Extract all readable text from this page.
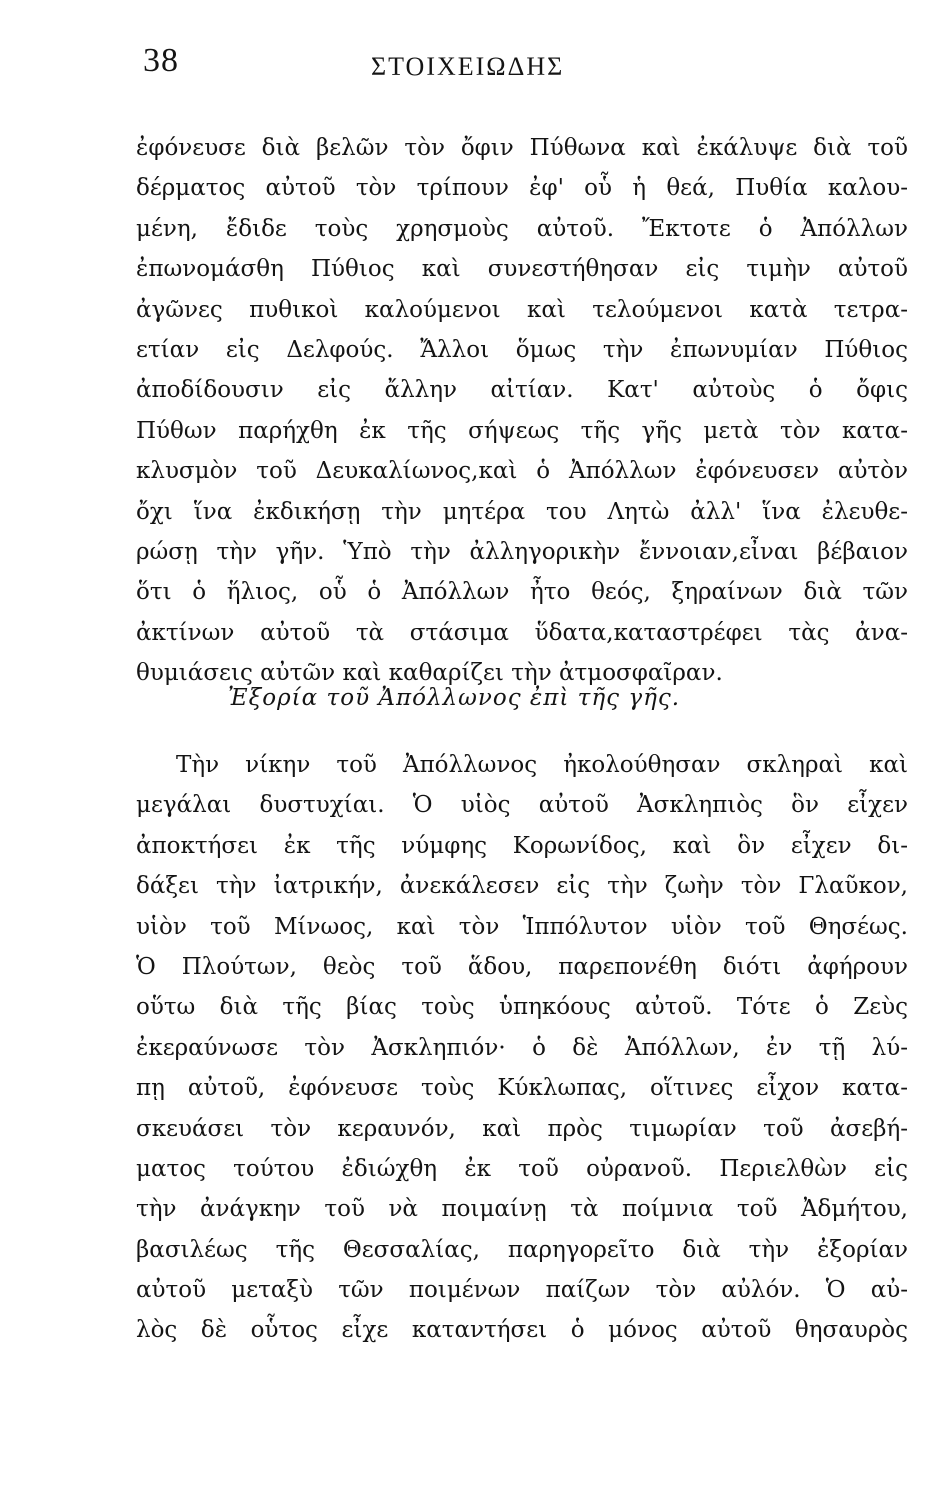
38	ΣΤΟΙΧΕΙΩΔΗΣ
ἐφόνευσε διὰ βελῶν τὸν ὄφιν Πύθωνα καὶ ἐκάλυψε διὰ τοῦ
δέρματος αὐτοῦ τὸν τρίπουν ἐφ' οὗ ἡ θεά, Πυθία καλου-
μένη, ἔδιδε τοὺς χρησμοὺς αὐτοῦ. Ἔκτοτε ὁ Ἀπόλλων
ἐπωνομάσθη Πύθιος καὶ συνεστήθησαν εἰς τιμὴν αὐτοῦ
ἀγῶνες πυθικοὶ καλούμενοι καὶ τελούμενοι κατὰ τετρα-
ετίαν εἰς Δελφούς. Ἄλλοι ὅμως τὴν ἐπωνυμίαν Πύθιος
ἀποδίδουσιν εἰς ἄλλην αἰτίαν. Κατ' αὐτοὺς ὁ ὄφις
Πύθων παρήχθη ἐκ τῆς σήψεως τῆς γῆς μετὰ τὸν κατα-
κλυσμὸν τοῦ Δευκαλίωνος,καὶ ὁ Ἀπόλλων ἐφόνευσεν αὐτὸν
ὄχι ἵνα ἐκδικήσῃ τὴν μητέρα του Λητὼ ἀλλ' ἵνα ἐλευθε-
ρώσῃ τὴν γῆν. Ὑπὸ τὴν ἀλληγορικὴν ἔννοιαν,εἶναι βέβαιον
ὅτι ὁ ἥλιος, οὗ ὁ Ἀπόλλων ἦτο θεός, ξηραίνων διὰ τῶν
ἀκτίνων αὐτοῦ τὰ στάσιμα ὕδατα,καταστρέφει τὰς ἀνα-
θυμιάσεις αὐτῶν καὶ καθαρίζει τὴν ἀτμοσφαῖραν.
Ἐξορία τοῦ Ἀπόλλωνος ἐπὶ τῆς γῆς.
Τὴν νίκην τοῦ Ἀπόλλωνος ἠκολούθησαν σκληραὶ καὶ
μεγάλαι δυστυχίαι. Ὁ υἱὸς αὐτοῦ Ἀσκληπιὸς ὃν εἶχεν
ἀποκτήσει ἐκ τῆς νύμφης Κορωνίδος, καὶ ὃν εἶχεν δι-
δάξει τὴν ἰατρικήν, ἀνεκάλεσεν εἰς τὴν ζωὴν τὸν Γλαῦκον,
υἱὸν τοῦ Μίνωος, καὶ τὸν Ἱππόλυτον υἱὸν τοῦ Θησέως.
Ὁ Πλούτων, θεὸς τοῦ ἅδου, παρεπονέθη διότι ἀφήρουν
οὕτω διὰ τῆς βίας τοὺς ὑπηκόους αὐτοῦ. Τότε ὁ Ζεὺς
ἐκεραύνωσε τὸν Ἀσκληπιόν· ὁ δὲ Ἀπόλλων, ἐν τῇ λύ-
πῃ αὐτοῦ, ἐφόνευσε τοὺς Κύκλωπας, οἵτινες εἶχον κατα-
σκευάσει τὸν κεραυνόν, καὶ πρὸς τιμωρίαν τοῦ ἀσεβή-
ματος τούτου ἐδιώχθη ἐκ τοῦ οὐρανοῦ. Περιελθὼν εἰς
τὴν ἀνάγκην τοῦ νὰ ποιμαίνῃ τὰ ποίμνια τοῦ Ἀδμήτου,
βασιλέως τῆς Θεσσαλίας, παρηγορεῖτο διὰ τὴν ἐξορίαν
αὐτοῦ μεταξὺ τῶν ποιμένων παίζων τὸν αὐλόν. Ὁ αὐ-
λὸς δὲ οὗτος εἶχε καταντήσει ὁ μόνος αὐτοῦ θησαυρὸς
